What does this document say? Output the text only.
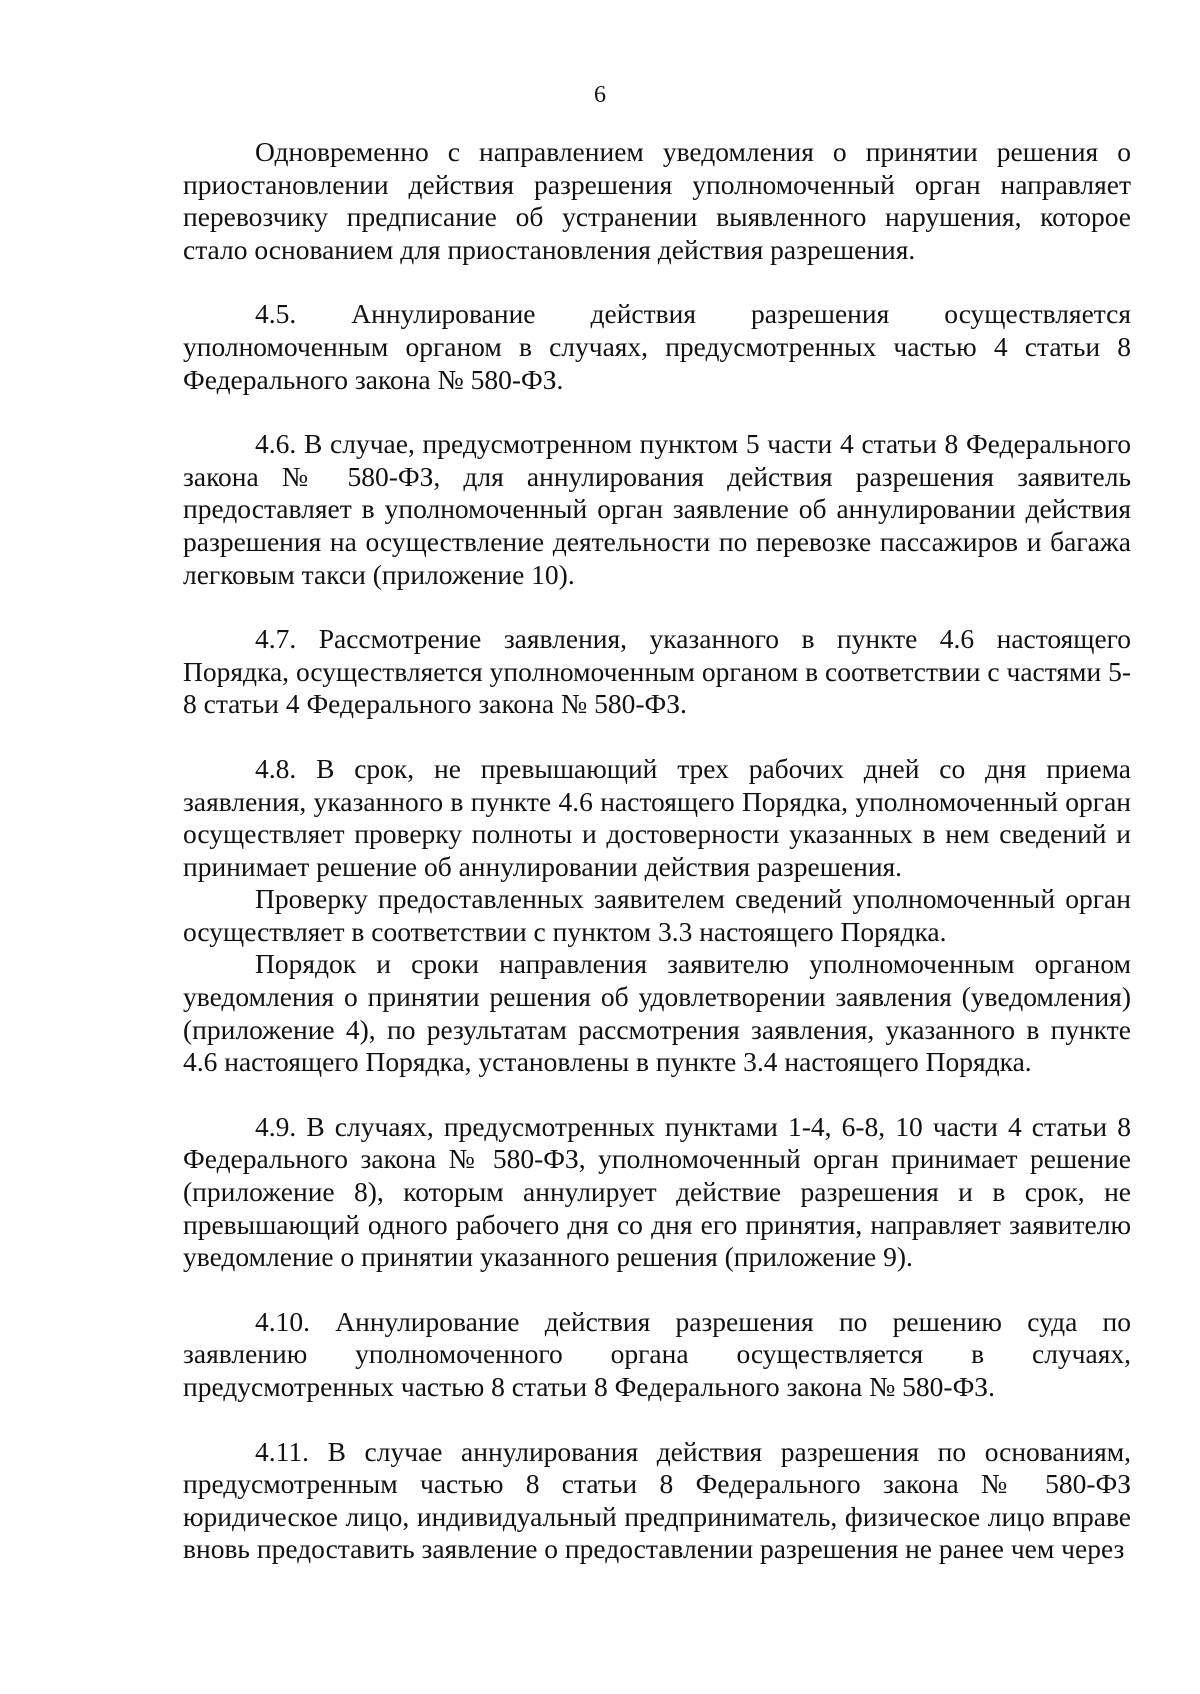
6

Одновременно с направлением уведомления о принятии решения о приостановлении действия разрешения уполномоченный орган направляет перевозчику предписание об устранении выявленного нарушения, которое стало основанием для приостановления действия разрешения.

4.5. Аннулирование действия разрешения осуществляется уполномоченным органом в случаях, предусмотренных частью 4 статьи 8 Федерального закона № 580-ФЗ.

4.6. В случае, предусмотренном пунктом 5 части 4 статьи 8 Федерального закона № 580-ФЗ, для аннулирования действия разрешения заявитель предоставляет в уполномоченный орган заявление об аннулировании действия разрешения на осуществление деятельности по перевозке пассажиров и багажа легковым такси (приложение 10).

4.7. Рассмотрение заявления, указанного в пункте 4.6 настоящего Порядка, осуществляется уполномоченным органом в соответствии с частями 5-8 статьи 4 Федерального закона № 580-ФЗ.

4.8. В срок, не превышающий трех рабочих дней со дня приема заявления, указанного в пункте 4.6 настоящего Порядка, уполномоченный орган осуществляет проверку полноты и достоверности указанных в нем сведений и принимает решение об аннулировании действия разрешения.

Проверку предоставленных заявителем сведений уполномоченный орган осуществляет в соответствии с пунктом 3.3 настоящего Порядка.

Порядок и сроки направления заявителю уполномоченным органом уведомления о принятии решения об удовлетворении заявления (уведомления) (приложение 4), по результатам рассмотрения заявления, указанного в пункте 4.6 настоящего Порядка, установлены в пункте 3.4 настоящего Порядка.

4.9. В случаях, предусмотренных пунктами 1-4, 6-8, 10 части 4 статьи 8 Федерального закона № 580-ФЗ, уполномоченный орган принимает решение (приложение 8), которым аннулирует действие разрешения и в срок, не превышающий одного рабочего дня со дня его принятия, направляет заявителю уведомление о принятии указанного решения (приложение 9).

4.10. Аннулирование действия разрешения по решению суда по заявлению уполномоченного органа осуществляется в случаях, предусмотренных частью 8 статьи 8 Федерального закона № 580-ФЗ.

4.11. В случае аннулирования действия разрешения по основаниям, предусмотренным частью 8 статьи 8 Федерального закона № 580-ФЗ юридическое лицо, индивидуальный предприниматель, физическое лицо вправе вновь предоставить заявление о предоставлении разрешения не ранее чем через
